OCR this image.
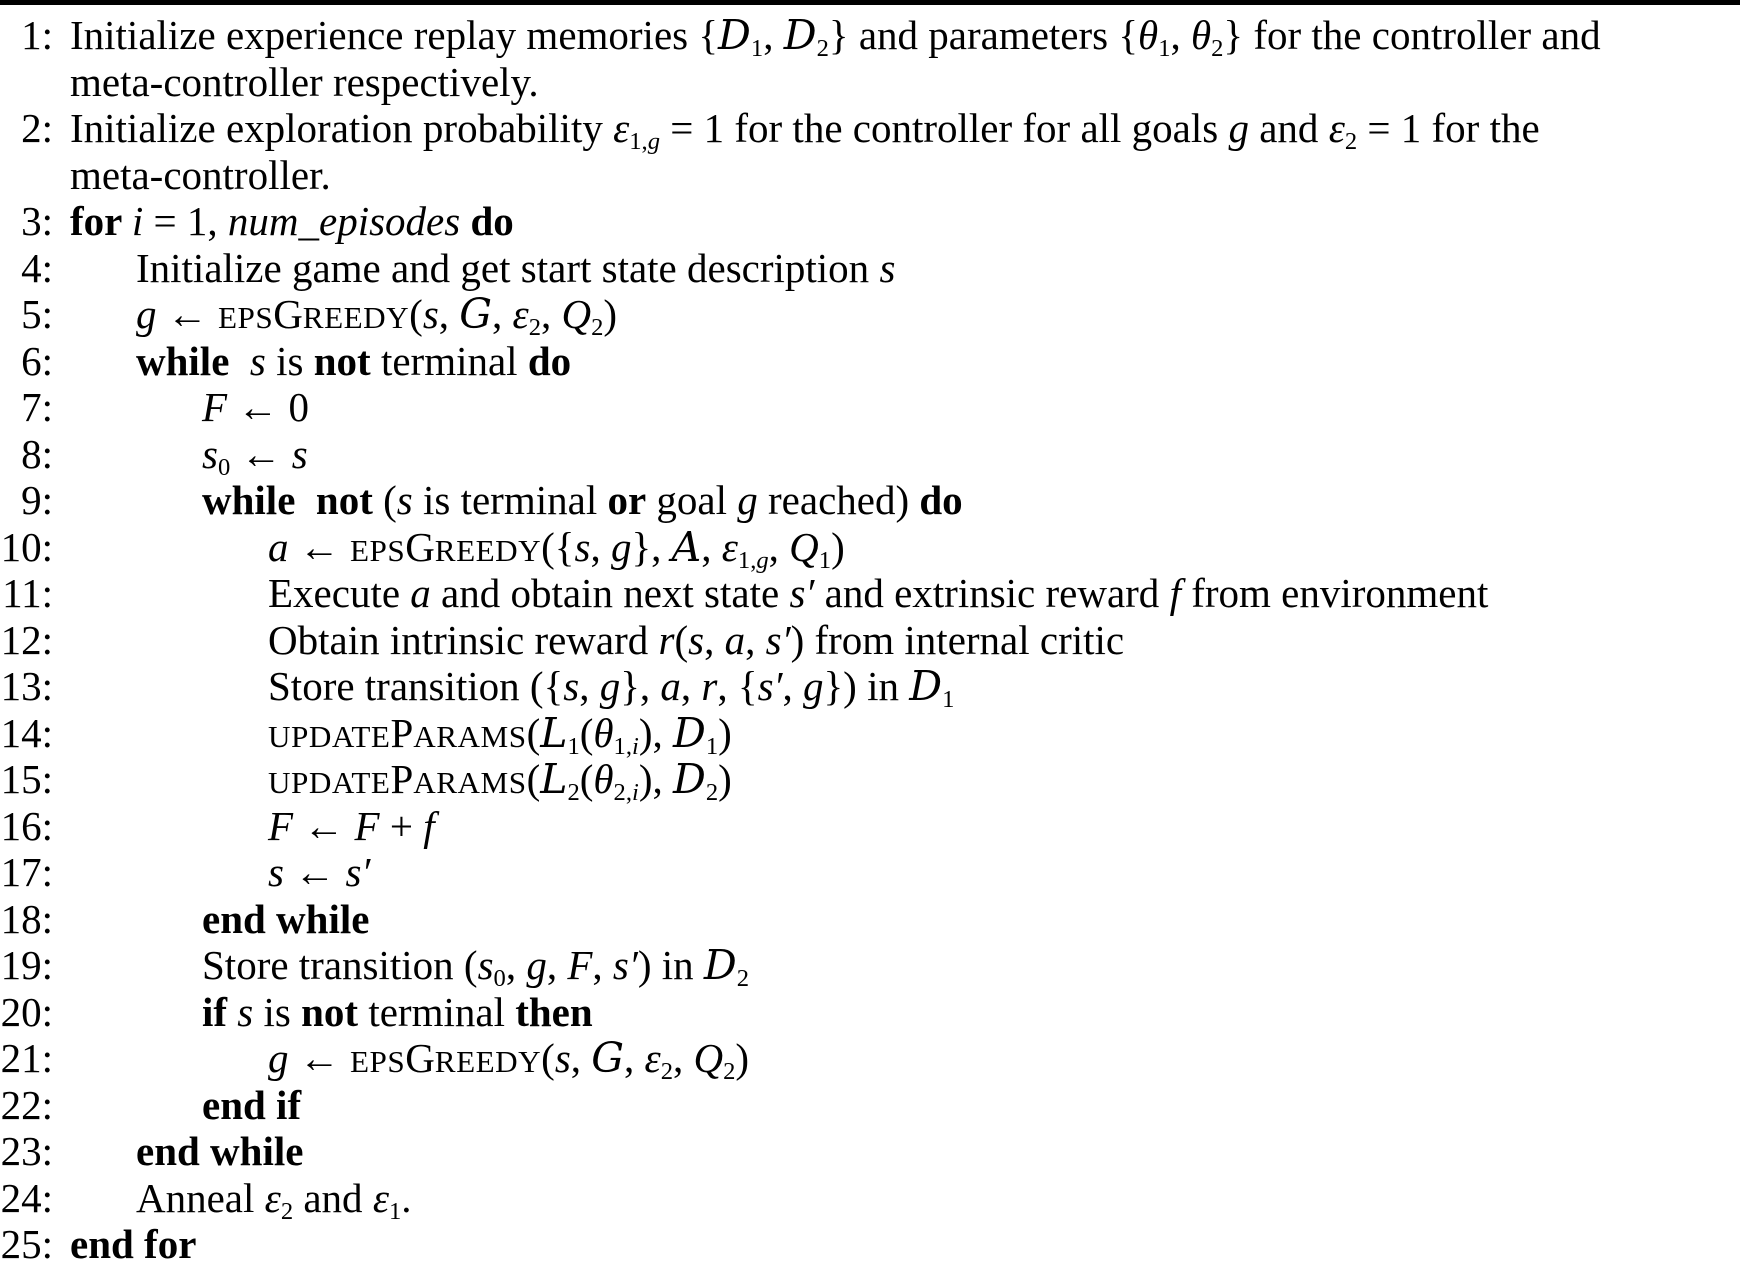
1: Initialize experience replay memories {D1, D2} and parameters {θ1, θ2} for the controller and
meta-controller respectively.
2: Initialize exploration probability ε1,g = 1 for the controller for all goals g and ε2 = 1 for the
meta-controller.
3: for i = 1, num_episodes do
4: Initialize game and get start state description s
5: g ← EPSGREEDY(s, G, ε2, Q2)
6: while  s is not terminal do
7:	F ← 0
8:	s0 ← s
9:	while  not (s is terminal or goal g reached) do
10:	a ← EPSGREEDY({s, g}, A, ε1,g, Q1)
11:	Execute a and obtain next state s′ and extrinsic reward f from environment
12:	Obtain intrinsic reward r(s, a, s′) from internal critic
13:	Store transition ({s, g}, a, r, {s′, g}) in D1
14:	UPDATEPARAMS(L1(θ1,i), D1)
15:	UPDATEPARAMS(L2(θ2,i), D2)
16:	F ← F + f
17:	s ← s′
18:	end while
19:	Store transition (s0, g, F, s′) in D2
20:	if s is not terminal then
21:	g ← EPSGREEDY(s, G, ε2, Q2)
22:	end if
23: end while
24: Anneal ε2 and ε1.
25: end for
